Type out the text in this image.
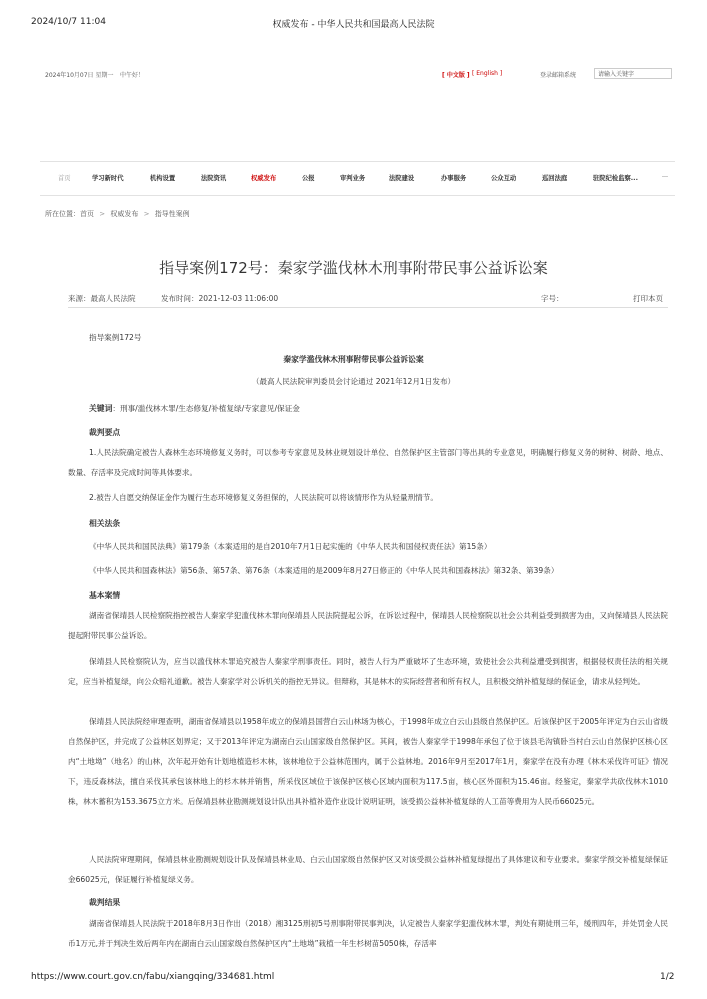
2024/10/7 11:04	权威发布 - 中华人民共和国最高人民法院
2024年10月07日 星期一 中午好！	[ 中文版 ] [ English ]	登录邮箱系统	请输入关键字
首页	学习新时代	机构设置	法院资讯	权威发布	公报	审判业务	法院建设	办事服务	公众互动	巡回法庭	驻院纪检监察...	...
所在位置：首页 > 权威发布 > 指导性案例
指导案例172号：秦家学滥伐林木刑事附带民事公益诉讼案
来源：最高人民法院	发布时间：2021-12-03 11:06:00	字号：	打印本页
指导案例172号
秦家学滥伐林木刑事附带民事公益诉讼案
（最高人民法院审判委员会讨论通过 2021年12月1日发布）
关键词：刑事/滥伐林木罪/生态修复/补植复绿/专家意见/保证金
裁判要点
1.人民法院确定被告人森林生态环境修复义务时，可以参考专家意见及林业规划设计单位、自然保护区主管部门等出具的专业意见，明确履行修复义务的树种、树龄、地点、数量、存活率及完成时间等具体要求。
2.被告人自愿交纳保证金作为履行生态环境修复义务担保的，人民法院可以将该情形作为从轻量刑情节。
相关法条
《中华人民共和国民法典》第179条（本案适用的是自2010年7月1日起实施的《中华人民共和国侵权责任法》第15条）
《中华人民共和国森林法》第56条、第57条、第76条（本案适用的是2009年8月27日修正的《中华人民共和国森林法》第32条、第39条）
基本案情
湖南省保靖县人民检察院指控被告人秦家学犯滥伐林木罪向保靖县人民法院提起公诉，在诉讼过程中，保靖县人民检察院以社会公共利益受到损害为由，又向保靖县人民法院提起附带民事公益诉讼。
保靖县人民检察院认为，应当以滥伐林木罪追究被告人秦家学刑事责任。同时，被告人行为严重破坏了生态环境，致使社会公共利益遭受到损害，根据侵权责任法的相关规定，应当补植复绿，向公众赔礼道歉。被告人秦家学对公诉机关的指控无异议。但辩称，其是林木的实际经营者和所有权人，且积极交纳补植复绿的保证金，请求从轻判处。
保靖县人民法院经审理查明，湖南省保靖县以1958年成立的保靖县国营白云山林场为核心，于1998年成立白云山县级自然保护区。后该保护区于2005年评定为白云山省级自然保护区，并完成了公益林区划界定；又于2013年评定为湖南白云山国家级自然保护区。其间，被告人秦家学于1998年承包了位于该县毛沟镇卧当村白云山自然保护区核心区内“土地坳”（地名）的山林，次年起开始有计划地植造杉木林，该林地位于公益林范围内，属于公益林地。2016年9月至2017年1月，秦家学在没有办理《林木采伐许可证》情况下，违反森林法，擅自采伐其承包该林地上的杉木林并销售，所采伐区域位于该保护区核心区域内面积为117.5亩，核心区外面积为15.46亩。经鉴定，秦家学共砍伐林木1010株，林木蓄积为153.3675立方米。后保靖县林业勘测规划设计队出具补植补造作业设计说明证明，该受损公益林补植复绿的人工苗等费用为人民币66025元。
人民法院审理期间，保靖县林业勘测规划设计队及保靖县林业局、白云山国家级自然保护区又对该受损公益林补植复绿提出了具体建议和专业要求。秦家学预交补植复绿保证金66025元，保证履行补植复绿义务。
裁判结果
湖南省保靖县人民法院于2018年8月3日作出（2018）湘3125刑初5号刑事附带民事判决，认定被告人秦家学犯滥伐林木罪，判处有期徒刑三年，缓刑四年，并处罚金人民币1万元,并于判决生效后两年内在湖南白云山国家级自然保护区内“土地坳”栽植一年生杉树苗5050株，存活率
https://www.court.gov.cn/fabu/xiangqing/334681.html	1/2
